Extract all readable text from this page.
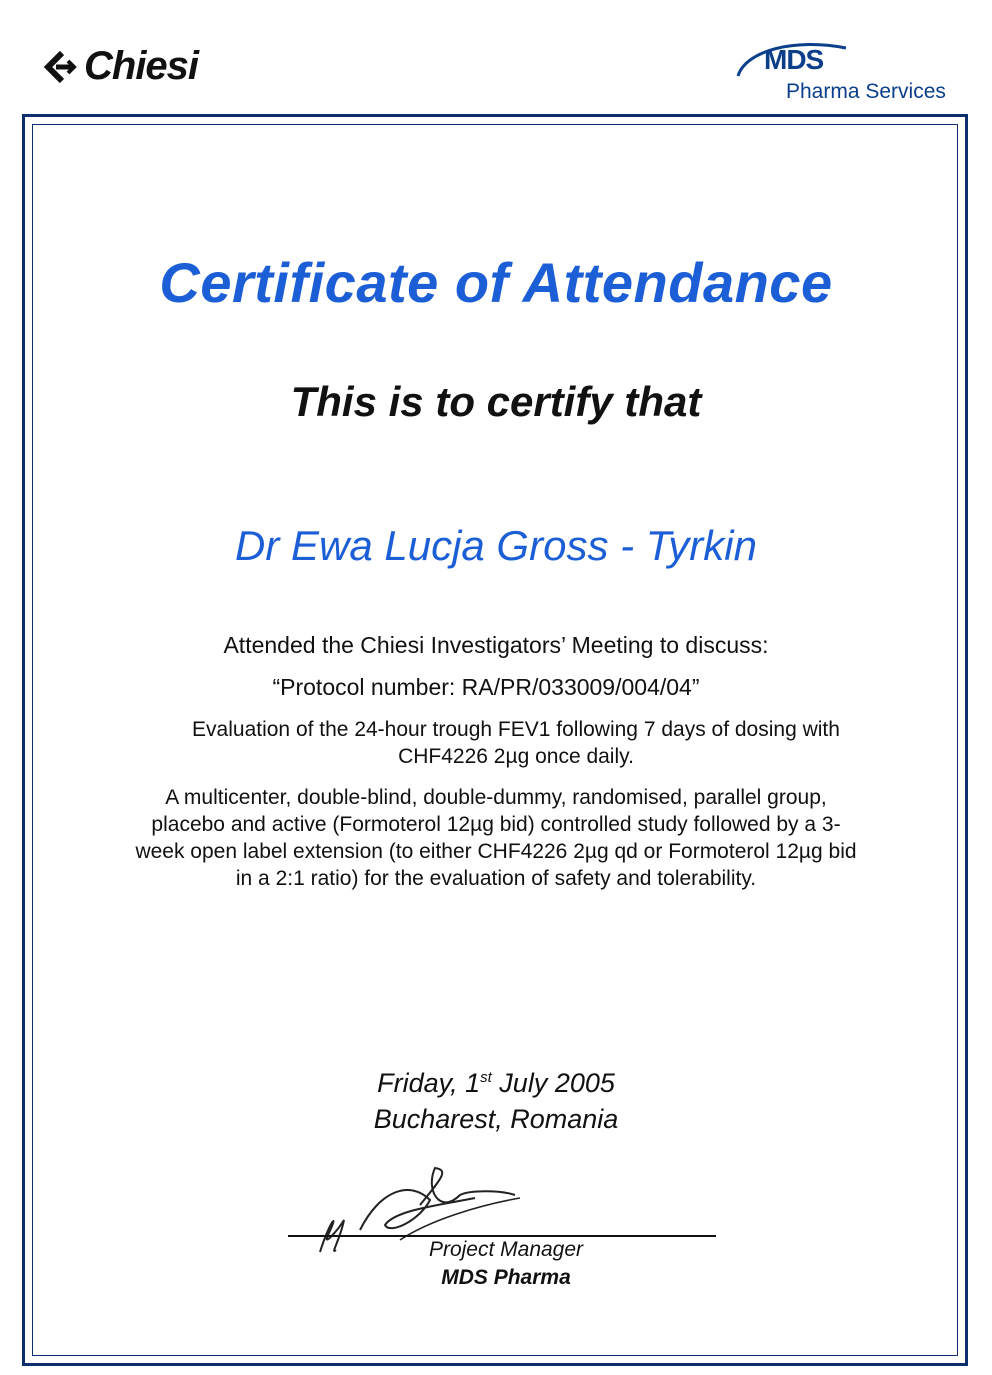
Chiesi	MDS
Pharma Services
Certificate of Attendance
This is to certify that
Dr Ewa Lucja Gross - Tyrkin
Attended the Chiesi Investigators’ Meeting to discuss:
“Protocol number: RA/PR/033009/004/04”
Evaluation of the 24-hour trough FEV1 following 7 days of dosing with
CHF4226 2µg once daily.
A multicenter, double-blind, double-dummy, randomised, parallel group,
placebo and active (Formoterol 12µg bid) controlled study followed by a 3-
week open label extension (to either CHF4226 2µg qd or Formoterol 12µg bid
in a 2:1 ratio) for the evaluation of safety and tolerability.
Friday, 1st July 2005
Bucharest, Romania
Project Manager
MDS Pharma
